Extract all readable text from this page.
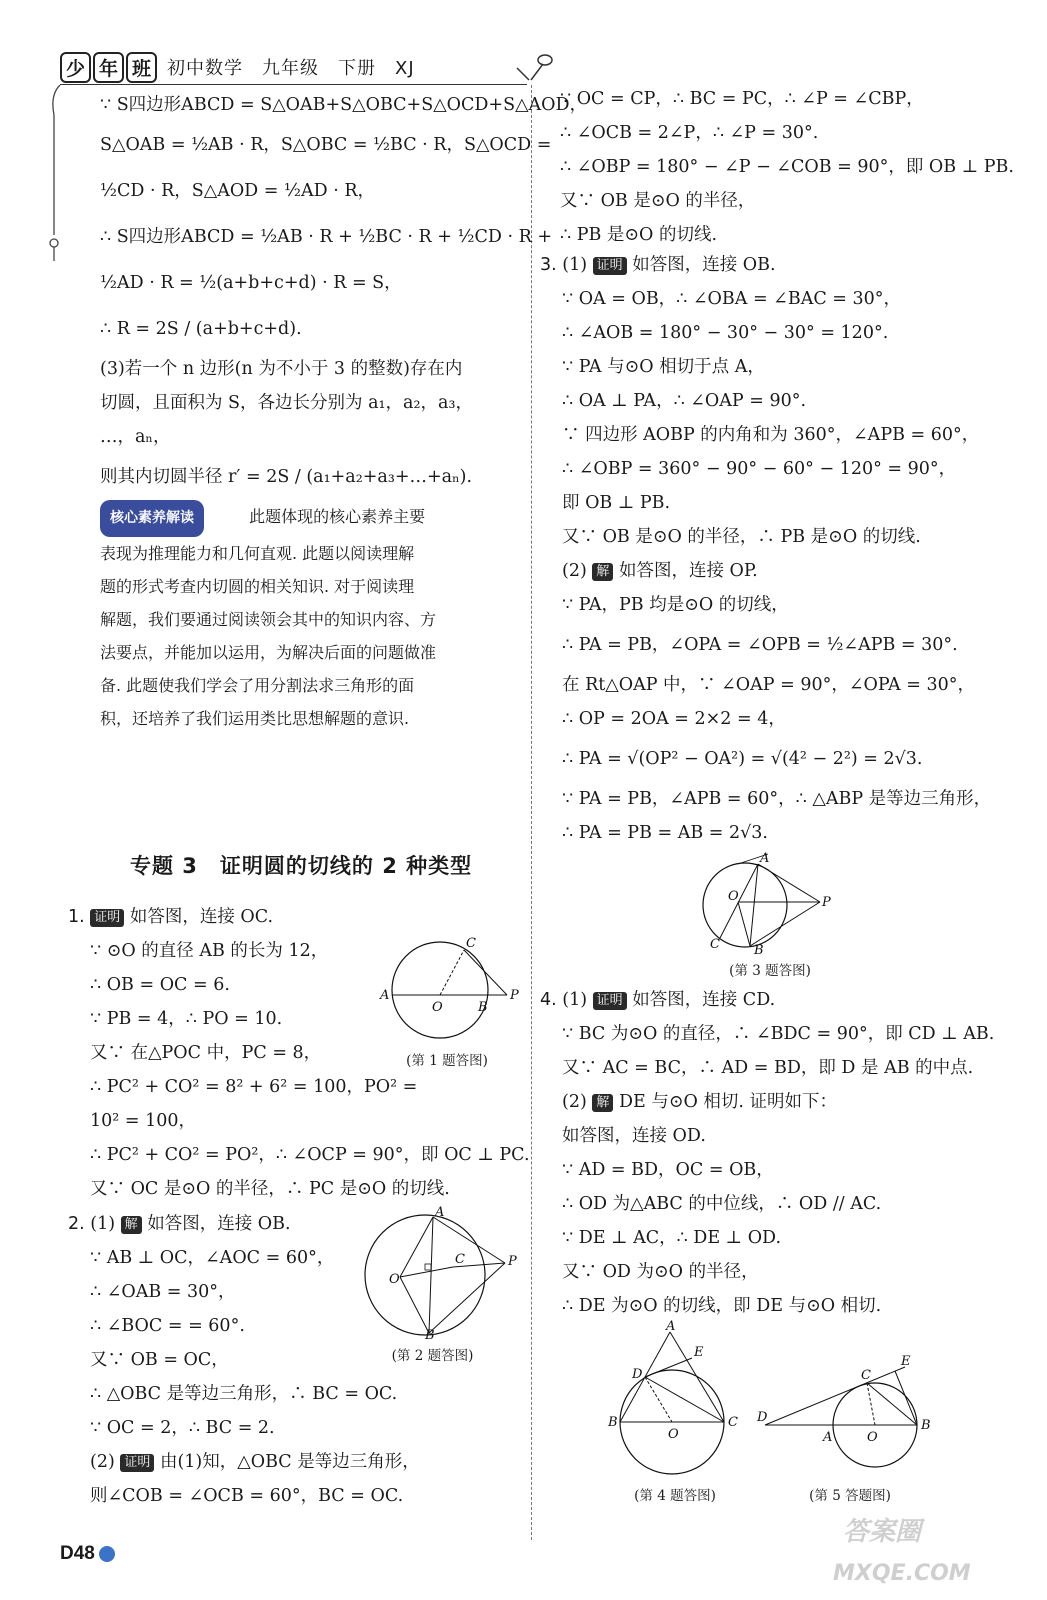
少 年 班 初中数学　九年级　下册　XJ
∵ S四边形ABCD = S△OAB+S△OBC+S△OCD+S△AOD，
S△OAB = ½AB · R，S△OBC = ½BC · R，S△OCD =
½CD · R，S△AOD = ½AD · R，
∴ S四边形ABCD = ½AB · R + ½BC · R + ½CD · R +
½AD · R = ½(a+b+c+d) · R = S，
∴ R = 2S / (a+b+c+d).
(3)若一个 n 边形(n 为不小于 3 的整数)存在内
切圆，且面积为 S，各边长分别为 a₁，a₂，a₃，
…，aₙ，
则其内切圆半径 r′ = 2S / (a₁+a₂+a₃+…+aₙ).
核心素养解读	此题体现的核心素养主要
表现为推理能力和几何直观. 此题以阅读理解
题的形式考查内切圆的相关知识. 对于阅读理
解题，我们要通过阅读领会其中的知识内容、方
法要点，并能加以运用，为解决后面的问题做准
备. 此题使我们学会了用分割法求三角形的面
积，还培养了我们运用类比思想解题的意识.
专题 3　证明圆的切线的 2 种类型
1. 证明 如答图，连接 OC.
∵ ⊙O 的直径 AB 的长为 12，
∴ OB = OC = 6.
∵ PB = 4，∴ PO = 10.
又∵ 在△POC 中，PC = 8，
∴ PC² + CO² = 8² + 6² = 100，PO² =
10² = 100，
∴ PC² + CO² = PO²，∴ ∠OCP = 90°，即 OC ⊥ PC.
又∵ OC 是⊙O 的半径，∴ PC 是⊙O 的切线.
A
O	B
P
C
(第 1 题答图)
2. (1) 解 如答图，连接 OB.
∵ AB ⊥ OC，∠AOC = 60°，
∴ ∠OAB = 30°，
∴ ∠BOC = = 60°.
又∵ OB = OC，
∴ △OBC 是等边三角形，∴ BC = OC.
∵ OC = 2，∴ BC = 2.
(2) 证明 由(1)知，△OBC 是等边三角形，
则∠COB = ∠OCB = 60°，BC = OC.
A
O
C	P
B
(第 2 题答图)
∵ OC = CP，∴ BC = PC，∴ ∠P = ∠CBP，
∴ ∠OCB = 2∠P，∴ ∠P = 30°.
∴ ∠OBP = 180° − ∠P − ∠COB = 90°，即 OB ⊥ PB.
又∵ OB 是⊙O 的半径，
∴ PB 是⊙O 的切线.
3. (1) 证明 如答图，连接 OB.
∵ OA = OB，∴ ∠OBA = ∠BAC = 30°，
∴ ∠AOB = 180° − 30° − 30° = 120°.
∵ PA 与⊙O 相切于点 A，
∴ OA ⊥ PA，∴ ∠OAP = 90°.
∵ 四边形 AOBP 的内角和为 360°，∠APB = 60°，
∴ ∠OBP = 360° − 90° − 60° − 120° = 90°，
即 OB ⊥ PB.
又∵ OB 是⊙O 的半径，∴ PB 是⊙O 的切线.
(2) 解 如答图，连接 OP.
∵ PA，PB 均是⊙O 的切线，
∴ PA = PB，∠OPA = ∠OPB = ½∠APB = 30°.
在 Rt△OAP 中，∵ ∠OAP = 90°，∠OPA = 30°，
∴ OP = 2OA = 2×2 = 4，
∴ PA = √(OP² − OA²) = √(4² − 2²) = 2√3.
∵ PA = PB，∠APB = 60°，∴ △ABP 是等边三角形，
∴ PA = PB = AB = 2√3.
A
O	P
C	B
(第 3 题答图)
4. (1) 证明 如答图，连接 CD.
∵ BC 为⊙O 的直径，∴ ∠BDC = 90°，即 CD ⊥ AB.
又∵ AC = BC，∴ AD = BD，即 D 是 AB 的中点.
(2) 解 DE 与⊙O 相切. 证明如下：
如答图，连接 OD.
∵ AD = BD，OC = OB，
∴ OD 为△ABC 的中位线，∴ OD // AC.
∵ DE ⊥ AC，∴ DE ⊥ OD.
又∵ OD 为⊙O 的半径，
∴ DE 为⊙O 的切线，即 DE 与⊙O 相切.
A
E
D
B
O
C
(第 4 题答图)
D
A	O
C
E
B
(第 5 答题图)
D48
答案圈
MXQE.COM
